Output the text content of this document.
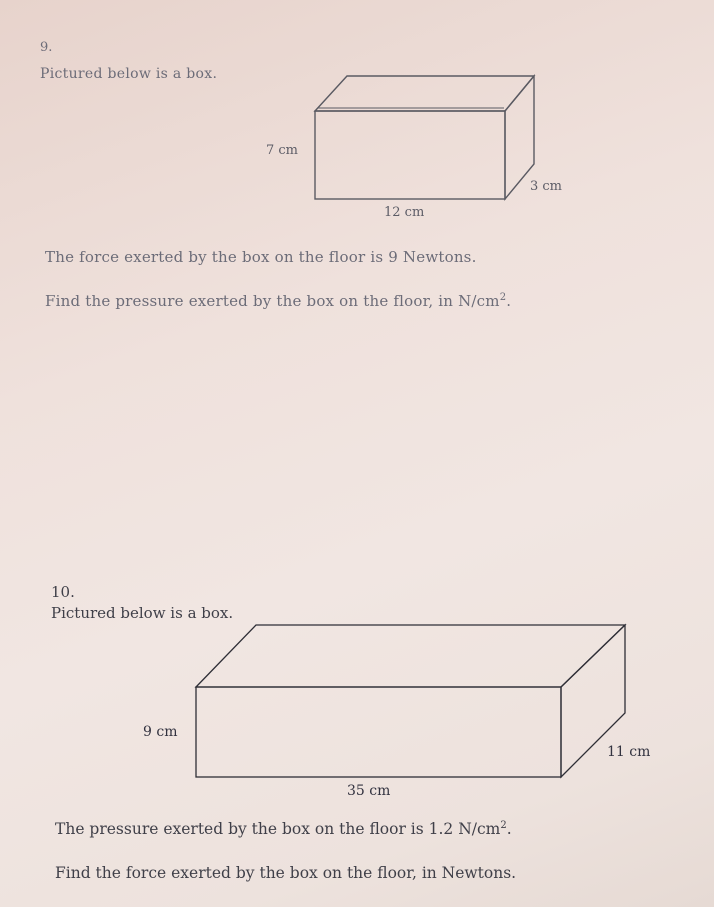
9.

Pictured below is a box.

7 cm
3 cm
12 cm

The force exerted by the box on the floor is 9 Newtons.

Find the pressure exerted by the box on the floor, in $N/cm^2$.

10.

Pictured below is a box.

9 cm
11 cm
35 cm

The pressure exerted by the box on the floor is 1.2 $N/cm^2$.

Find the force exerted by the box on the floor, in Newtons.
